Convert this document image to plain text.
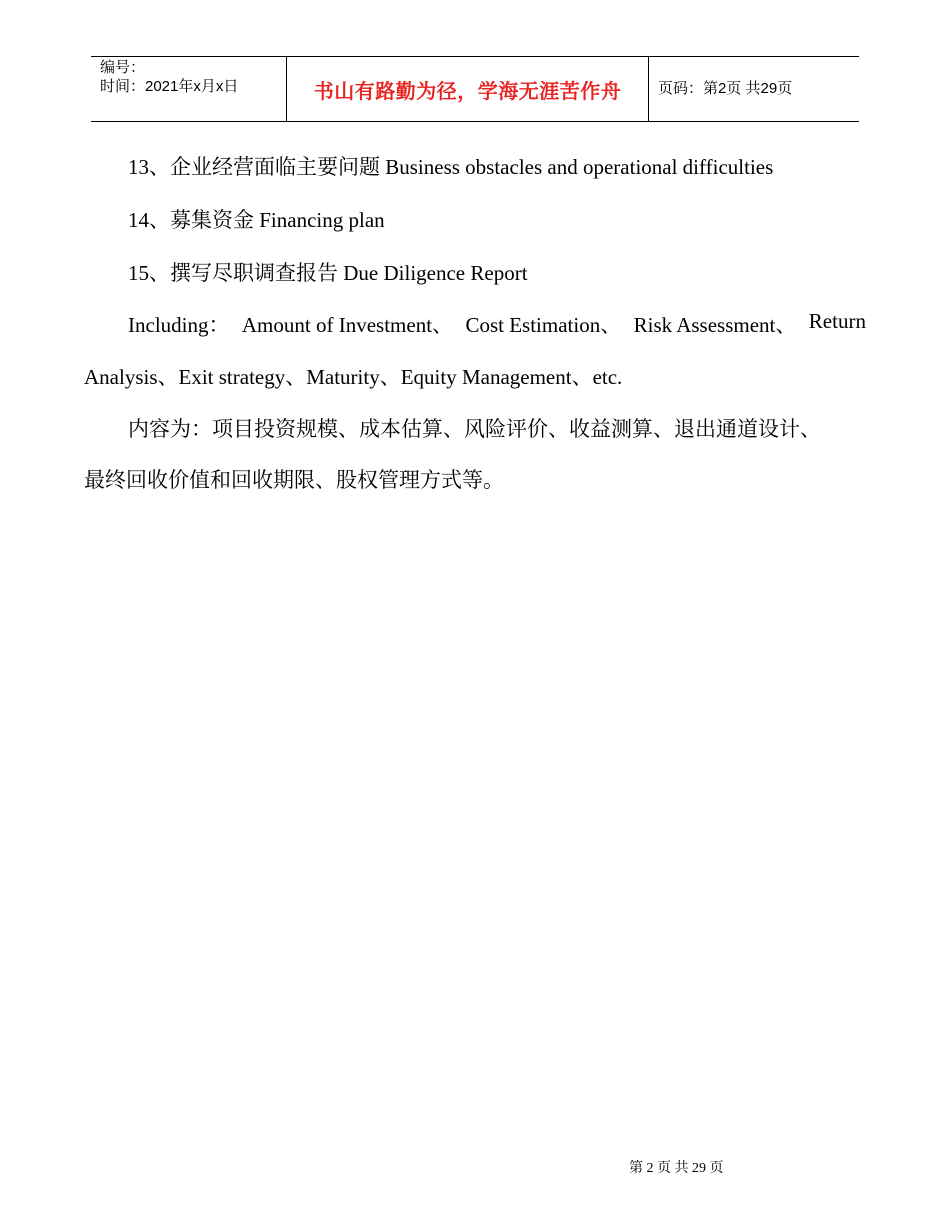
编号：
时间：2021年x月x日	书山有路勤为径，学海无涯苦作舟 页码：第2页 共29页
13、企业经营面临主要问题 Business obstacles and operational difficulties
14、募集资金 Financing plan
15、撰写尽职调查报告 Due Diligence Report
Including： Amount of Investment、 Cost Estimation、 Risk Assessment、 Return
Analysis、Exit strategy、Maturity、Equity Management、etc.
内容为：项目投资规模、成本估算、风险评价、收益测算、退出通道设计、
最终回收价值和回收期限、股权管理方式等。
第 2 页 共 29 页
